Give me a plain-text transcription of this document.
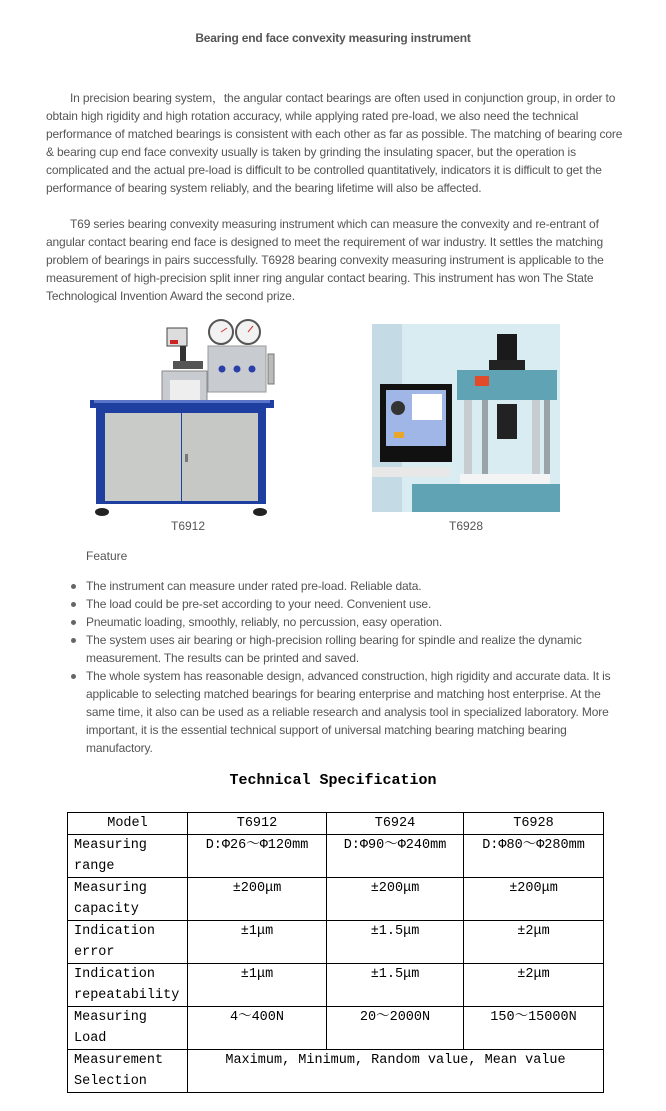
Bearing end face convexity measuring instrument

In precision bearing system，the angular contact bearings are often used in conjunction group, in order to obtain high rigidity and high rotation accuracy, while applying rated pre-load, we also need the technical performance of matched bearings is consistent with each other as far as possible. The matching of bearing core & bearing cup end face convexity usually is taken by grinding the insulating spacer, but the operation is complicated and the actual pre-load is difficult to be controlled quantitatively, indicators it is difficult to get the performance of bearing system reliably, and the bearing lifetime will also be affected.

T69 series bearing convexity measuring instrument which can measure the convexity and re-entrant of angular contact bearing end face is designed to meet the requirement of war industry. It settles the matching problem of bearings in pairs successfully. T6928 bearing convexity measuring instrument is applicable to the measurement of high-precision split inner ring angular contact bearing. This instrument has won The State Technological Invention Award the second prize.

T6912	T6928
Feature
The instrument can measure under rated pre-load. Reliable data.
The load could be pre-set according to your need. Convenient use.
Pneumatic loading, smoothly, reliably, no percussion, easy operation.
The system uses air bearing or high-precision rolling bearing for spindle and realize the dynamic measurement. The results can be printed and saved.
The whole system has reasonable design, advanced construction, high rigidity and accurate data. It is applicable to selecting matched bearings for bearing enterprise and matching host enterprise. At the same time, it also can be used as a reliable research and analysis tool in specialized laboratory. More important, it is the essential technical support of universal matching bearing matching bearing manufactory.
Technical Specification
Model	T6912	T6924	T6928
Measuring range	D:Φ26～Φ120mm	D:Φ90～Φ240mm	D:Φ80～Φ280mm
Measuring capacity	±200μm	±200μm	±200μm
Indication error	±1μm	±1.5μm	±2μm
Indication repeatability	±1μm	±1.5μm	±2μm
Measuring Load	4～400N	20～2000N	150～15000N
Measurement Selection	Maximum, Minimum, Random value, Mean value		
